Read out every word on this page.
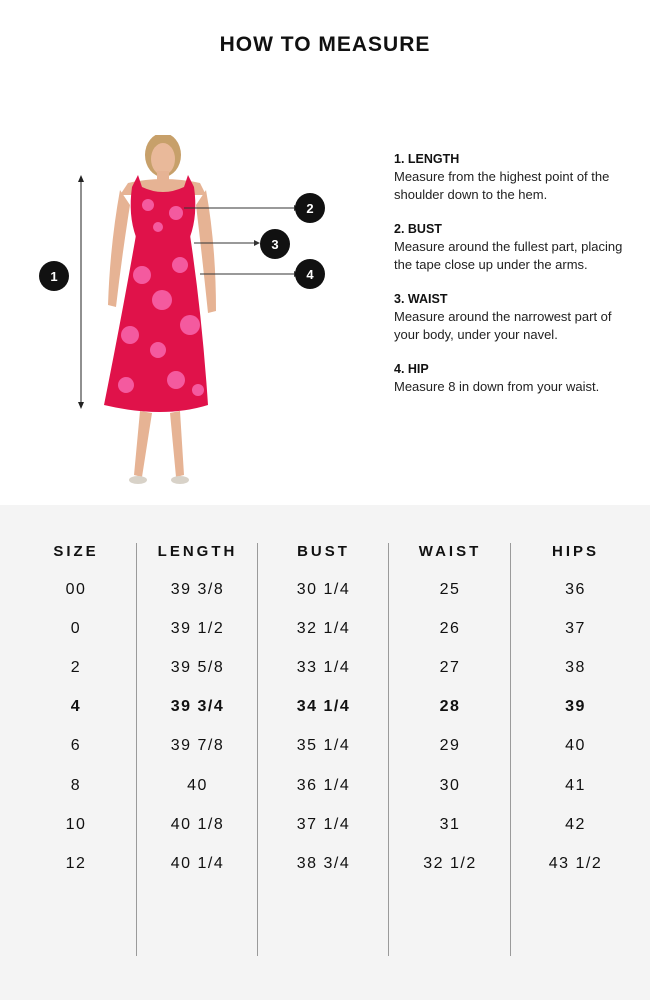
HOW TO MEASURE
1
2
3
4
1. LENGTH
Measure from the highest point of the shoulder down to the hem.
2. BUST
Measure around the fullest part, placing the tape close up under the arms.
3. WAIST
Measure around the narrowest part of your body, under your navel.
4. HIP
Measure 8 in down from your waist.
SIZE
00
0
2
4
6
8
10
12
LENGTH
39 3/8
39 1/2
39 5/8
39 3/4
39 7/8
40
40 1/8
40 1/4
BUST
30 1/4
32 1/4
33 1/4
34 1/4
35 1/4
36 1/4
37 1/4
38 3/4
WAIST
25
26
27
28
29
30
31
32 1/2
HIPS
36
37
38
39
40
41
42
43 1/2
